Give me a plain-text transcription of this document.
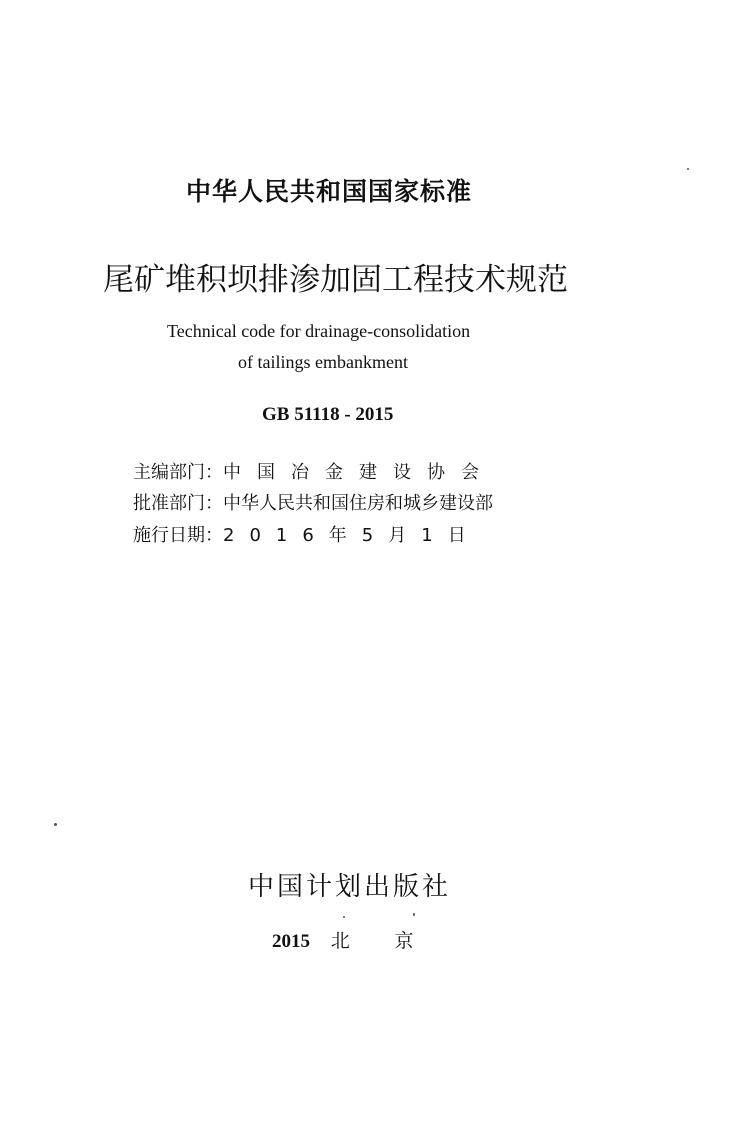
中华人民共和国国家标准
尾矿堆积坝排渗加固工程技术规范
Technical code for drainage-consolidation
of tailings embankment
GB 51118 - 2015
主编部门： 中国冶金建设协会
批准部门： 中华人民共和国住房和城乡建设部
施行日期： 2016年5月1日
中国计划出版社
2015 北 京
